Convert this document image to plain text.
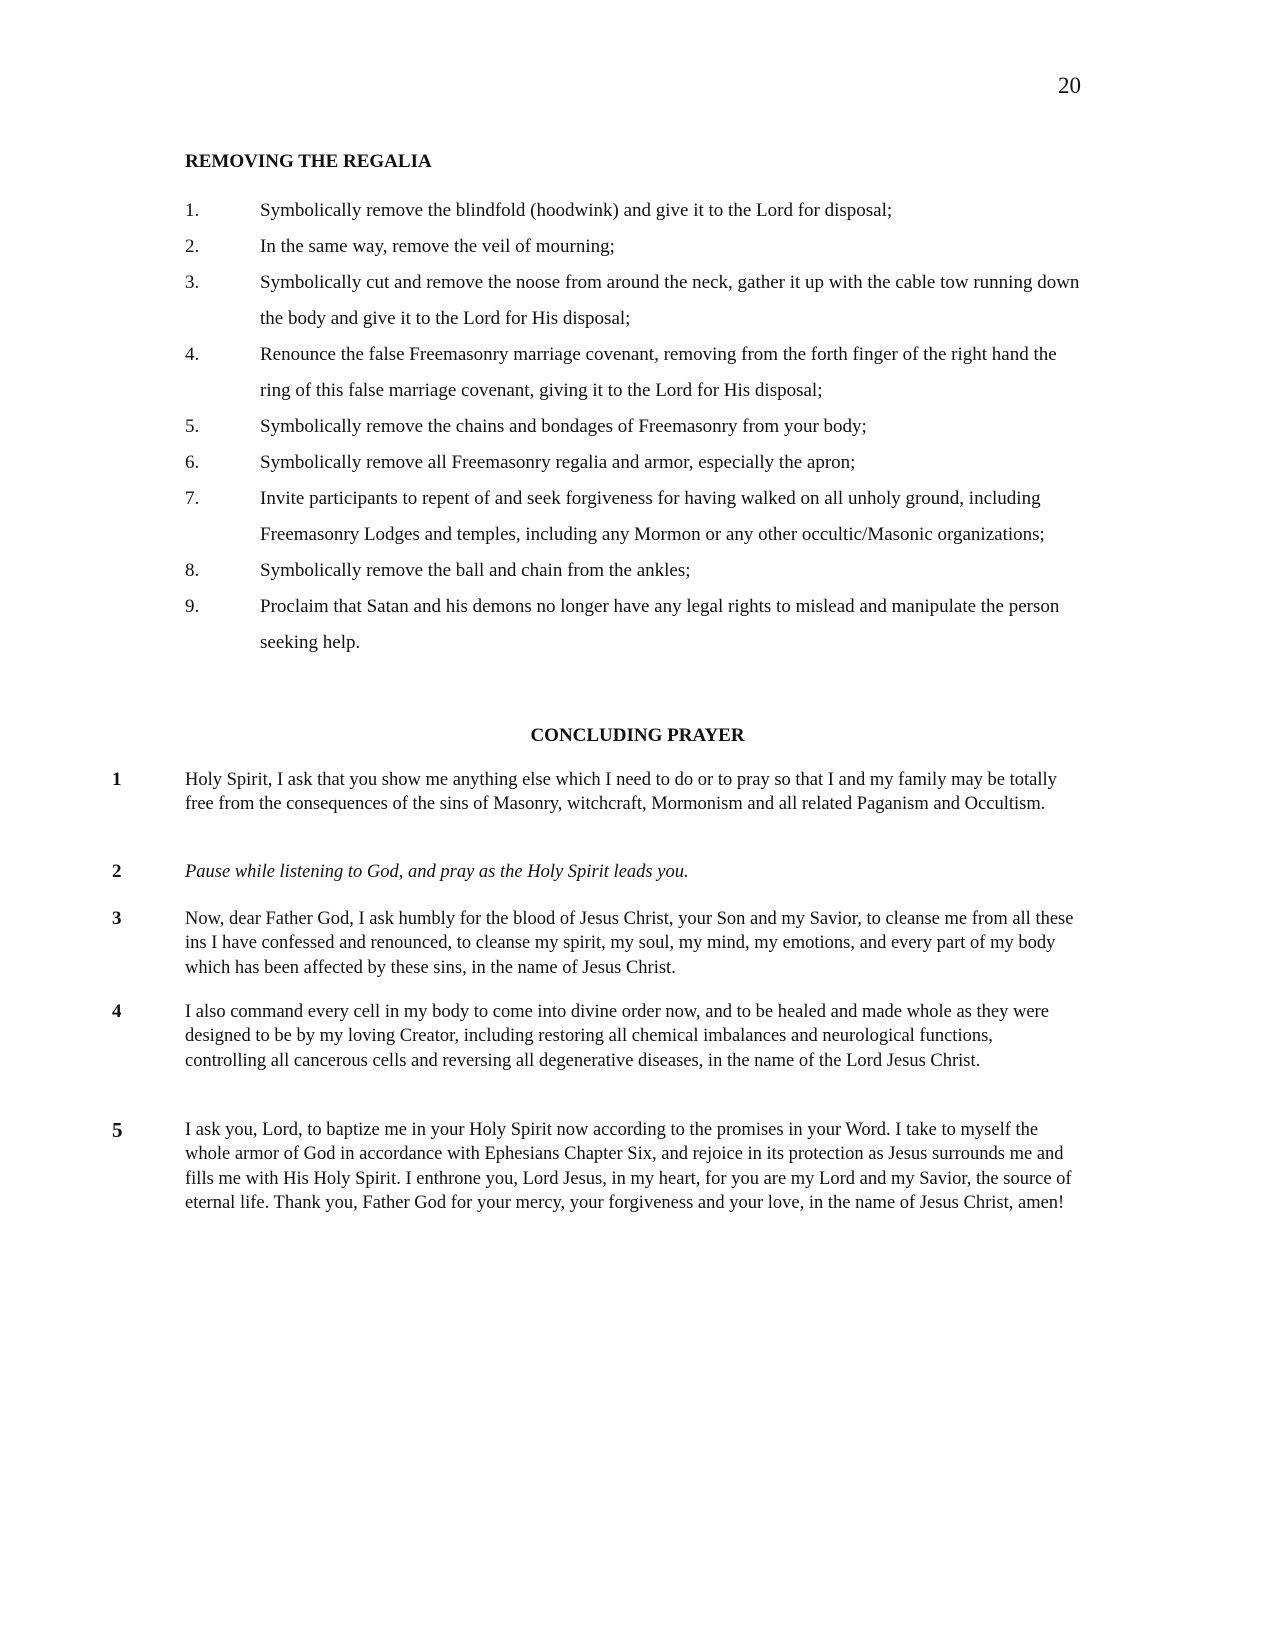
20
REMOVING THE REGALIA
1.	Symbolically remove the blindfold (hoodwink) and give it to the Lord for disposal;
2.	In the same way, remove the veil of mourning;
3.	Symbolically cut and remove the noose from around the neck, gather it up with the cable tow running down the body and give it to the Lord for His disposal;
4.	Renounce the false Freemasonry marriage covenant, removing from the forth finger of the right hand the ring of this false marriage covenant, giving it to the Lord for His disposal;
5.	Symbolically remove the chains and bondages of Freemasonry from your body;
6.	Symbolically remove all Freemasonry regalia and armor, especially the apron;
7.	Invite participants to repent of and seek forgiveness for having walked on all unholy ground, including Freemasonry Lodges and temples, including any Mormon or any other occultic/Masonic organizations;
8.	Symbolically remove the ball and chain from the ankles;
9.	Proclaim that Satan and his demons no longer have any legal rights to mislead and manipulate the person seeking help.
CONCLUDING PRAYER
1	Holy Spirit, I ask that you show me anything else which I need to do or to pray so that I and my family may be totally free from the consequences of the sins of Masonry, witchcraft, Mormonism and all related Paganism and Occultism.
2	Pause while listening to God, and pray as the Holy Spirit leads you.
3	Now, dear Father God, I ask humbly for the blood of Jesus Christ, your Son and my Savior, to cleanse me from all these ins I have confessed and renounced, to cleanse my spirit, my soul, my mind, my emotions, and every part of my body which has been affected by these sins, in the name of Jesus Christ.
4	I also command every cell in my body to come into divine order now, and to be healed and made whole as they were designed to be by my loving Creator, including restoring all chemical imbalances and neurological functions, controlling all cancerous cells and reversing all degenerative diseases, in the name of the Lord Jesus Christ.
5	I ask you, Lord, to baptize me in your Holy Spirit now according to the promises in your Word. I take to myself the whole armor of God in accordance with Ephesians Chapter Six, and rejoice in its protection as Jesus surrounds me and fills me with His Holy Spirit. I enthrone you, Lord Jesus, in my heart, for you are my Lord and my Savior, the source of eternal life. Thank you, Father God for your mercy, your forgiveness and your love, in the name of Jesus Christ, amen!
